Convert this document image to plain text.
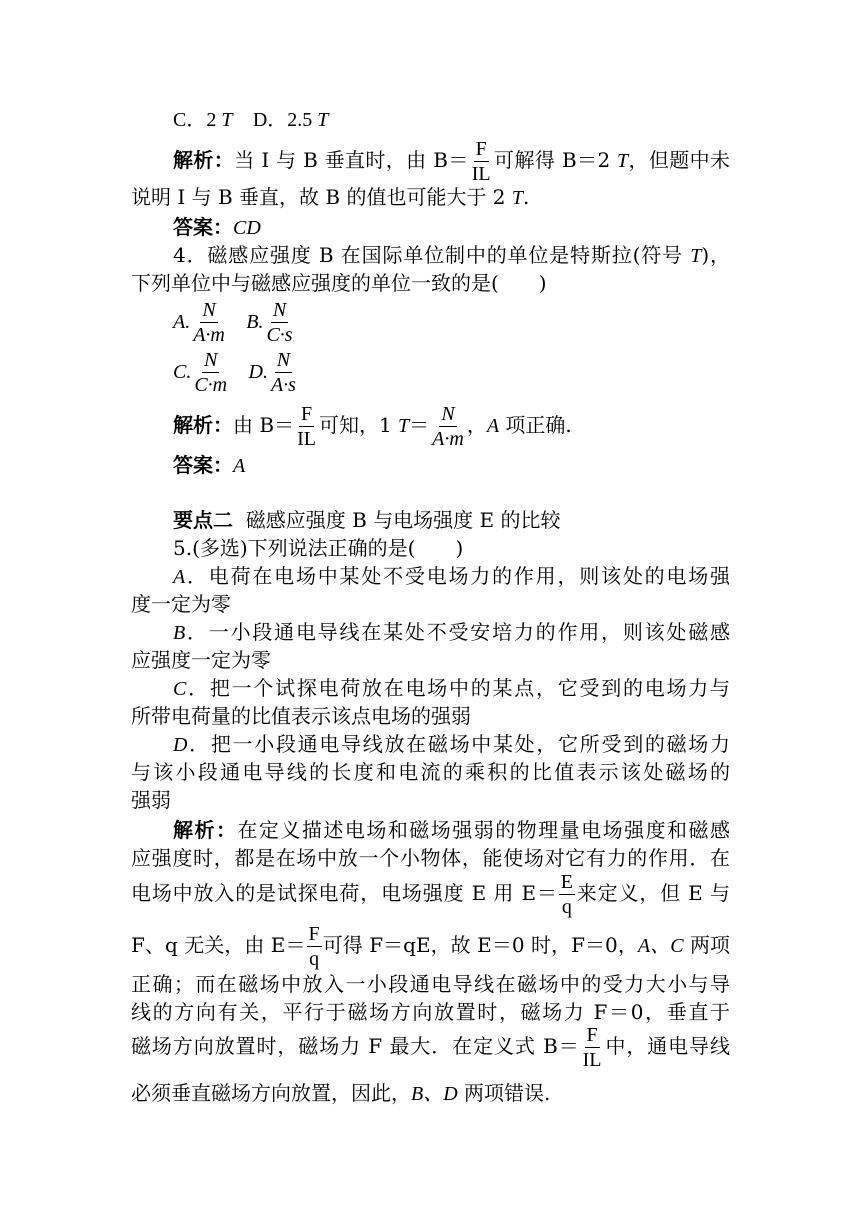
C．2 T D．2.5 T
解析：当 I 与 B 垂直时，由 $B= \frac{F}{IL}$ 可解得 B＝2 T，但题中未
说明 I 与 B 垂直，故 B 的值也可能大于 2 T.
答案：CD
4．磁感应强度 B 在国际单位制中的单位是特斯拉(符号 T)，
下列单位中与磁感应强度的单位一致的是(　　)
A. $\frac{N}{A\cdot m} B$. $\frac{N}{C\cdot s}$
C. $\frac{N}{C\cdot m} D$. $\frac{N}{A\cdot s}$
解析：由 $B= \frac{F}{IL}$ 可知，1 $T= \frac{N}{A\cdot m}$ ，A 项正确.
答案：A
要点二  磁感应强度 B 与电场强度 E 的比较
5.(多选)下列说法正确的是(　　)
A．电荷在电场中某处不受电场力的作用，则该处的电场强
度一定为零
B．一小段通电导线在某处不受安培力的作用，则该处磁感
应强度一定为零
C．把一个试探电荷放在电场中的某点，它受到的电场力与
所带电荷量的比值表示该点电场的强弱
D．把一小段通电导线放在磁场中某处，它所受到的磁场力
与该小段通电导线的长度和电流的乘积的比值表示该处磁场的
强弱
解析：在定义描述电场和磁场强弱的物理量电场强度和磁感
应强度时，都是在场中放一个小物体，能使场对它有力的作用．在
电场中放入的是试探电荷，电场强度 E 用 $E= \frac{E}{q}$ 来定义，但 E 与
F、q 无关，由 $E= \frac{F}{q}$ 可得 F＝qE，故 E＝0 时，F＝0，A、C 两项
正确；而在磁场中放入一小段通电导线在磁场中的受力大小与导
线的方向有关，平行于磁场方向放置时，磁场力 F＝0，垂直于
磁场方向放置时，磁场力 F 最大．在定义式 $B= \frac{F}{IL}$ 中，通电导线
必须垂直磁场方向放置，因此，B、D 两项错误.
